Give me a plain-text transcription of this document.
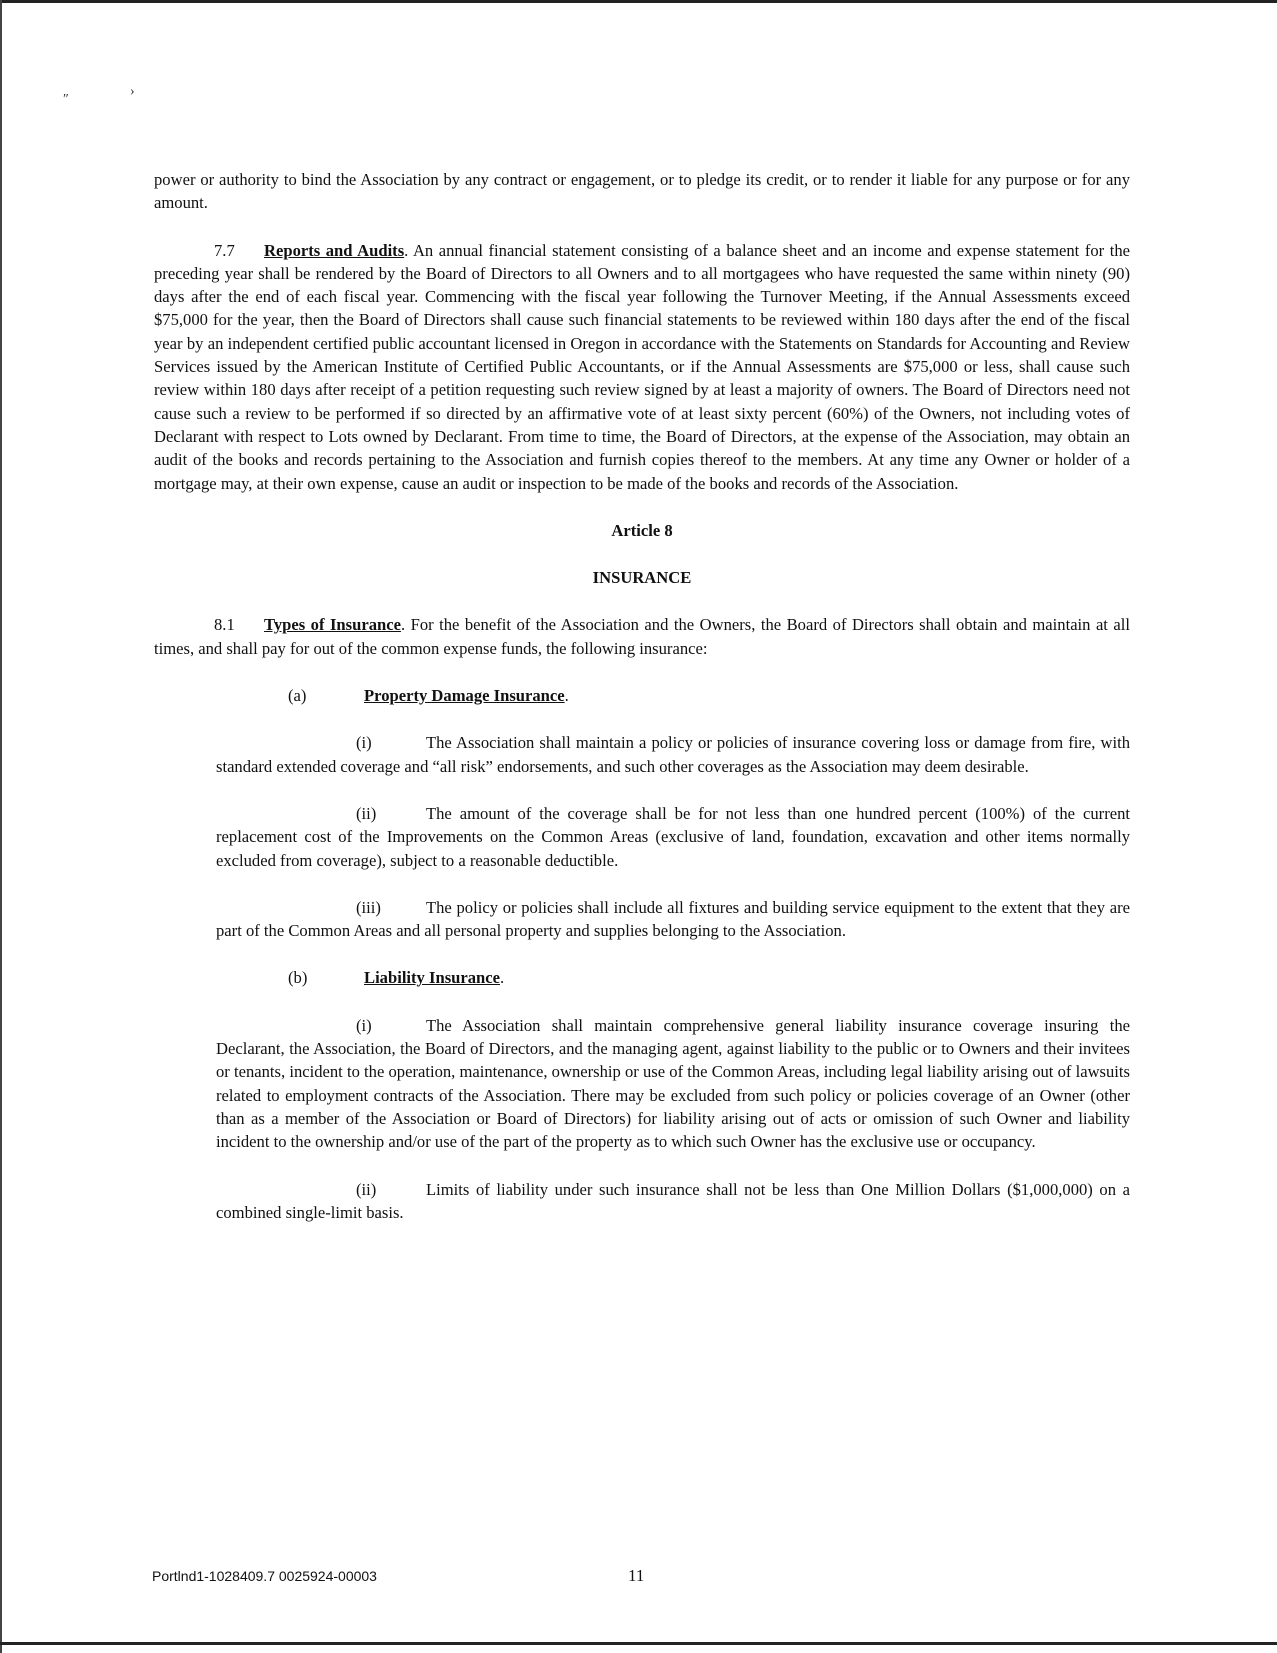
″
›

power or authority to bind the Association by any contract or engagement, or to pledge its credit, or to render it liable for any purpose or for any amount.

7.7 Reports and Audits. An annual financial statement consisting of a balance sheet and an income and expense statement for the preceding year shall be rendered by the Board of Directors to all Owners and to all mortgagees who have requested the same within ninety (90) days after the end of each fiscal year. Commencing with the fiscal year following the Turnover Meeting, if the Annual Assessments exceed $75,000 for the year, then the Board of Directors shall cause such financial statements to be reviewed within 180 days after the end of the fiscal year by an independent certified public accountant licensed in Oregon in accordance with the Statements on Standards for Accounting and Review Services issued by the American Institute of Certified Public Accountants, or if the Annual Assessments are $75,000 or less, shall cause such review within 180 days after receipt of a petition requesting such review signed by at least a majority of owners. The Board of Directors need not cause such a review to be performed if so directed by an affirmative vote of at least sixty percent (60%) of the Owners, not including votes of Declarant with respect to Lots owned by Declarant. From time to time, the Board of Directors, at the expense of the Association, may obtain an audit of the books and records pertaining to the Association and furnish copies thereof to the members. At any time any Owner or holder of a mortgage may, at their own expense, cause an audit or inspection to be made of the books and records of the Association.

Article 8

INSURANCE

8.1 Types of Insurance. For the benefit of the Association and the Owners, the Board of Directors shall obtain and maintain at all times, and shall pay for out of the common expense funds, the following insurance:

(a)	Property Damage Insurance.

(i)	The Association shall maintain a policy or policies of insurance covering loss or damage from fire, with standard extended coverage and “all risk” endorsements, and such other coverages as the Association may deem desirable.

(ii)	The amount of the coverage shall be for not less than one hundred percent (100%) of the current replacement cost of the Improvements on the Common Areas (exclusive of land, foundation, excavation and other items normally excluded from coverage), subject to a reasonable deductible.

(iii)	The policy or policies shall include all fixtures and building service equipment to the extent that they are part of the Common Areas and all personal property and supplies belonging to the Association.

(b)	Liability Insurance.

(i)	The Association shall maintain comprehensive general liability insurance coverage insuring the Declarant, the Association, the Board of Directors, and the managing agent, against liability to the public or to Owners and their invitees or tenants, incident to the operation, maintenance, ownership or use of the Common Areas, including legal liability arising out of lawsuits related to employment contracts of the Association. There may be excluded from such policy or policies coverage of an Owner (other than as a member of the Association or Board of Directors) for liability arising out of acts or omission of such Owner and liability incident to the ownership and/or use of the part of the property as to which such Owner has the exclusive use or occupancy.

(ii)	Limits of liability under such insurance shall not be less than One Million Dollars ($1,000,000) on a combined single-limit basis.

Portlnd1-1028409.7 0025924-00003	11
